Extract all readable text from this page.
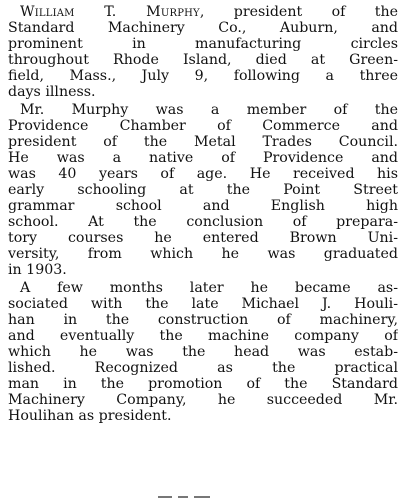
William T. Murphy, president of the
Standard Machinery Co., Auburn, and
prominent in manufacturing circles
throughout Rhode Island, died at Green-
field, Mass., July 9, following a three
days illness.
Mr. Murphy was a member of the
Providence Chamber of Commerce and
president of the Metal Trades Council.
He was a native of Providence and
was 40 years of age. He received his
early schooling at the Point Street
grammar school and English high
school. At the conclusion of prepara-
tory courses he entered Brown Uni-
versity, from which he was graduated
in 1903.
A few months later he became as-
sociated with the late Michael J. Houli-
han in the construction of machinery,
and eventually the machine company of
which he was the head was estab-
lished. Recognized as the practical
man in the promotion of the Standard
Machinery Company, he succeeded Mr.
Houlihan as president.
